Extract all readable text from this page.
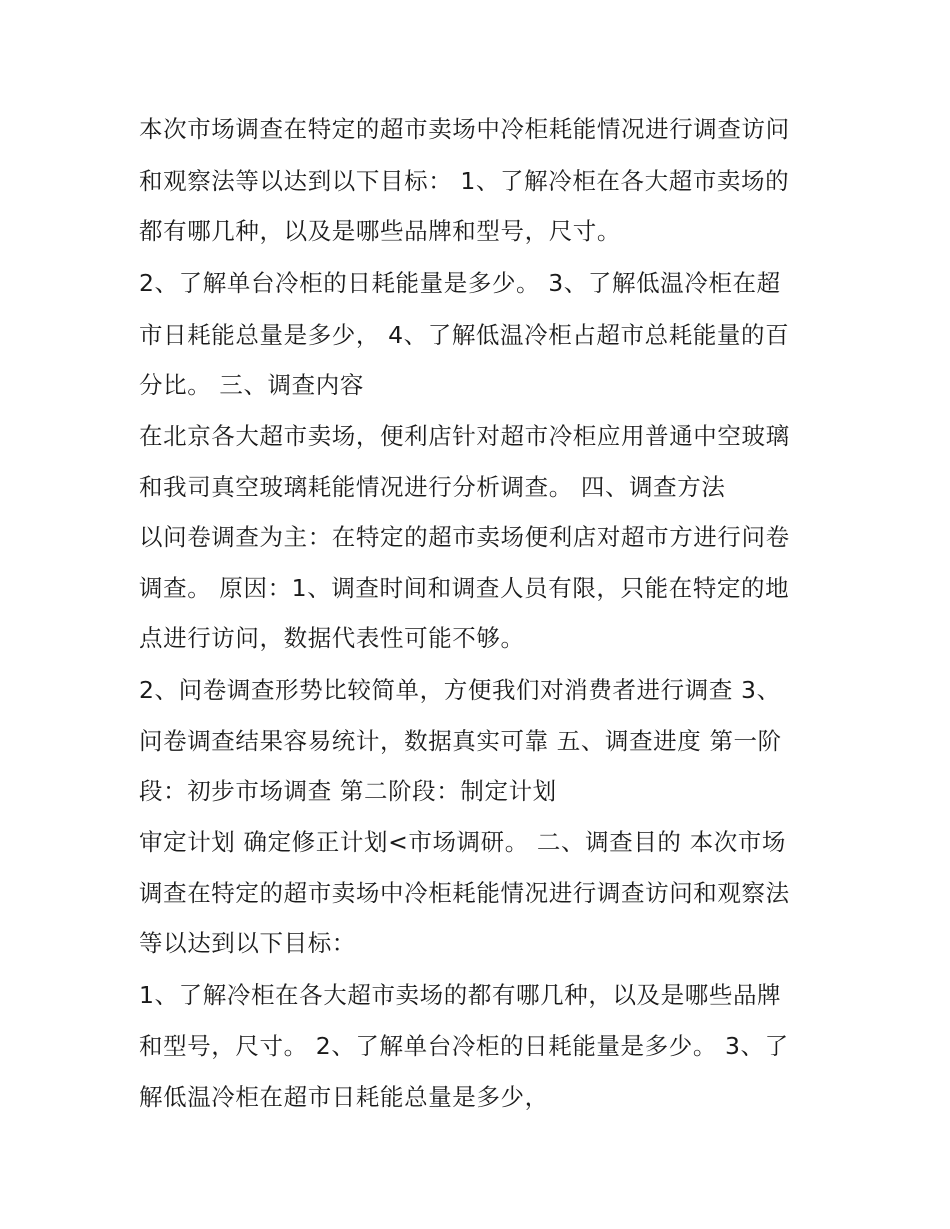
本次市场调查在特定的超市卖场中冷柜耗能情况进行调查访问
和观察法等以达到以下目标： 1、了解冷柜在各大超市卖场的
都有哪几种，以及是哪些品牌和型号，尺寸。
2、了解单台冷柜的日耗能量是多少。 3、了解低温冷柜在超
市日耗能总量是多少， 4、了解低温冷柜占超市总耗能量的百
分比。 三、调查内容
在北京各大超市卖场，便利店针对超市冷柜应用普通中空玻璃
和我司真空玻璃耗能情况进行分析调查。 四、调查方法
以问卷调查为主：在特定的超市卖场便利店对超市方进行问卷
调查。 原因：1、调查时间和调查人员有限，只能在特定的地
点进行访问，数据代表性可能不够。
2、问卷调查形势比较简单，方便我们对消费者进行调查 3、
问卷调查结果容易统计，数据真实可靠 五、调查进度 第一阶
段：初步市场调查 第二阶段：制定计划
审定计划 确定修正计划<市场调研。 二、调查目的 本次市场
调查在特定的超市卖场中冷柜耗能情况进行调查访问和观察法
等以达到以下目标：
1、了解冷柜在各大超市卖场的都有哪几种，以及是哪些品牌
和型号，尺寸。 2、了解单台冷柜的日耗能量是多少。 3、了
解低温冷柜在超市日耗能总量是多少，
